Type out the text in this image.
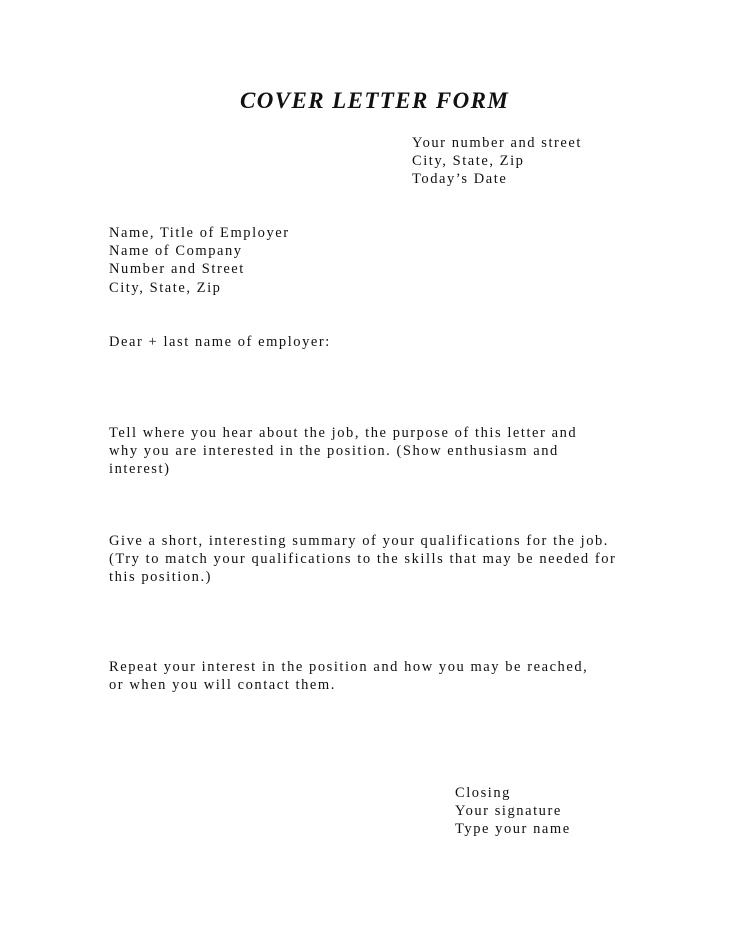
COVER LETTER FORM
Your number and street
City, State, Zip
Today’s Date
Name, Title of Employer
Name of Company
Number and Street
City, State, Zip
Dear + last name of employer:
Tell where you hear about the job, the purpose of this letter and
why you are interested in the position. (Show enthusiasm and
interest)
Give a short, interesting summary of your qualifications for the job.
(Try to match your qualifications to the skills that may be needed for
this position.)
Repeat your interest in the position and how you may be reached,
or when you will contact them.
Closing
Your signature
Type your name
